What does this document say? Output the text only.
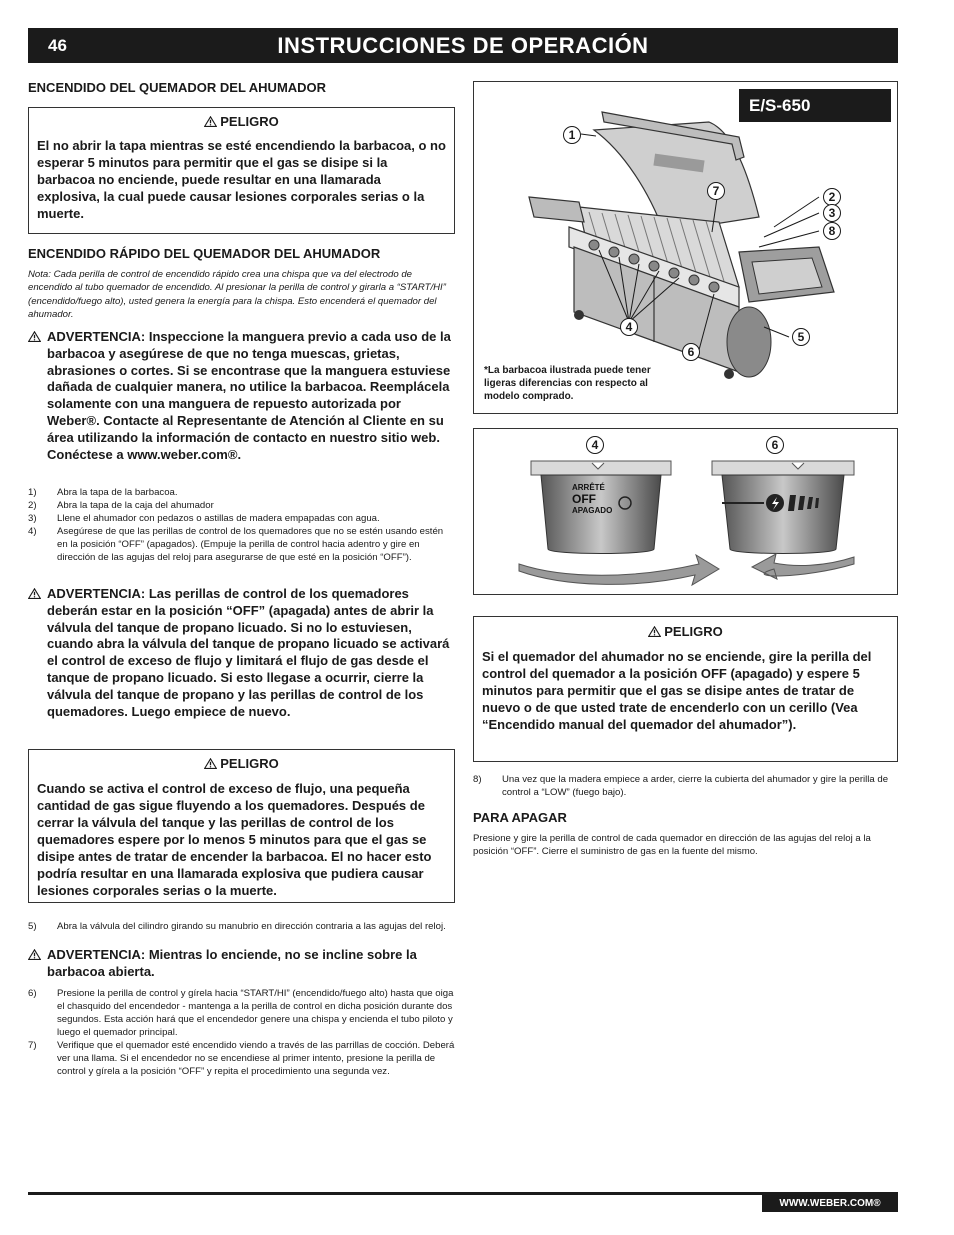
46	INSTRUCCIONES DE OPERACIÓN
ENCENDIDO DEL QUEMADOR DEL AHUMADOR
PELIGRO
El no abrir la tapa mientras se esté encendiendo la barbacoa, o no esperar 5 minutos para permitir que el gas se disipe si la barbacoa no enciende, puede resultar en una llamarada explosiva, la cual puede causar lesiones corporales serias o la muerte.
ENCENDIDO RÁPIDO DEL QUEMADOR DEL AHUMADOR
Nota: Cada perilla de control de encendido rápido crea una chispa que va del electrodo de encendido al tubo quemador de encendido. Al presionar la perilla de control y girarla a “START/HI” (encendido/fuego alto), usted genera la energía para la chispa. Esto encenderá el quemador del ahumador.
ADVERTENCIA: Inspeccione la manguera previo a cada uso de la barbacoa y asegúrese de que no tenga muescas, grietas, abrasiones o cortes. Si se encontrase que la manguera estuviese dañada de cualquier manera, no utilice la barbacoa. Reemplácela solamente con una manguera de repuesto autorizada por Weber®. Contacte al Representante de Atención al Cliente en su área utilizando la información de contacto en nuestro sitio web.
Conéctese a www.weber.com®.
1) Abra la tapa de la barbacoa.
2) Abra la tapa de la caja del ahumador
3) Llene el ahumador con pedazos o astillas de madera empapadas con agua.
4) Asegúrese de que las perillas de control de los quemadores que no se estén usando estén en la posición “OFF” (apagados). (Empuje la perilla de control hacia adentro y gire en dirección de las agujas del reloj para asegurarse de que esté en la posición “OFF”).
ADVERTENCIA: Las perillas de control de los quemadores deberán estar en la posición “OFF” (apagada) antes de abrir la válvula del tanque de propano licuado. Si no lo estuviesen, cuando abra la válvula del tanque de propano licuado se activará el control de exceso de flujo y limitará el flujo de gas desde el tanque de propano licuado. Si esto llegase a ocurrir, cierre la válvula del tanque de propano y las perillas de control de los quemadores. Luego empiece de nuevo.
PELIGRO
Cuando se activa el control de exceso de flujo, una pequeña cantidad de gas sigue fluyendo a los quemadores. Después de cerrar la válvula del tanque y las perillas de control de los quemadores espere por lo menos 5 minutos para que el gas se disipe antes de tratar de encender la barbacoa. El no hacer esto podría resultar en una llamarada explosiva que pudiera causar lesiones corporales serias o la muerte.
5) Abra la válvula del cilindro girando su manubrio en dirección contraria a las agujas del reloj.
ADVERTENCIA: Mientras lo enciende, no se incline sobre la barbacoa abierta.
6) Presione la perilla de control y gírela hacia “START/HI” (encendido/fuego alto) hasta que oiga el chasquido del encendedor - mantenga a la perilla de control en dicha posición durante dos segundos. Esta acción hará que el encendedor genere una chispa y encienda el tubo piloto y luego el quemador principal.
7) Verifique que el quemador esté encendido viendo a través de las parrillas de cocción. Deberá ver una llama. Si el encendedor no se encendiese al primer intento, presione la perilla de control y gírela a la posición “OFF” y repita el procedimiento una segunda vez.
E/S-650
1
7	2
3
8
4
5
6
*La barbacoa ilustrada puede tener ligeras diferencias con respecto al modelo comprado.
4	6
ARRÊTÉ
OFF
APAGADO
PELIGRO
Si el quemador del ahumador no se enciende, gire la perilla del control del quemador a la posición OFF (apagado) y espere 5 minutos para permitir que el gas se disipe antes de tratar de nuevo o de que usted trate de encenderlo con un cerillo (Vea “Encendido manual del quemador del ahumador”).
8) Una vez que la madera empiece a arder, cierre la cubierta del ahumador y gire la perilla de control a “LOW” (fuego bajo).
PARA APAGAR
Presione y gire la perilla de control de cada quemador en dirección de las agujas del reloj a la posición “OFF”. Cierre el suministro de gas en la fuente del mismo.
WWW.WEBER.COM®
